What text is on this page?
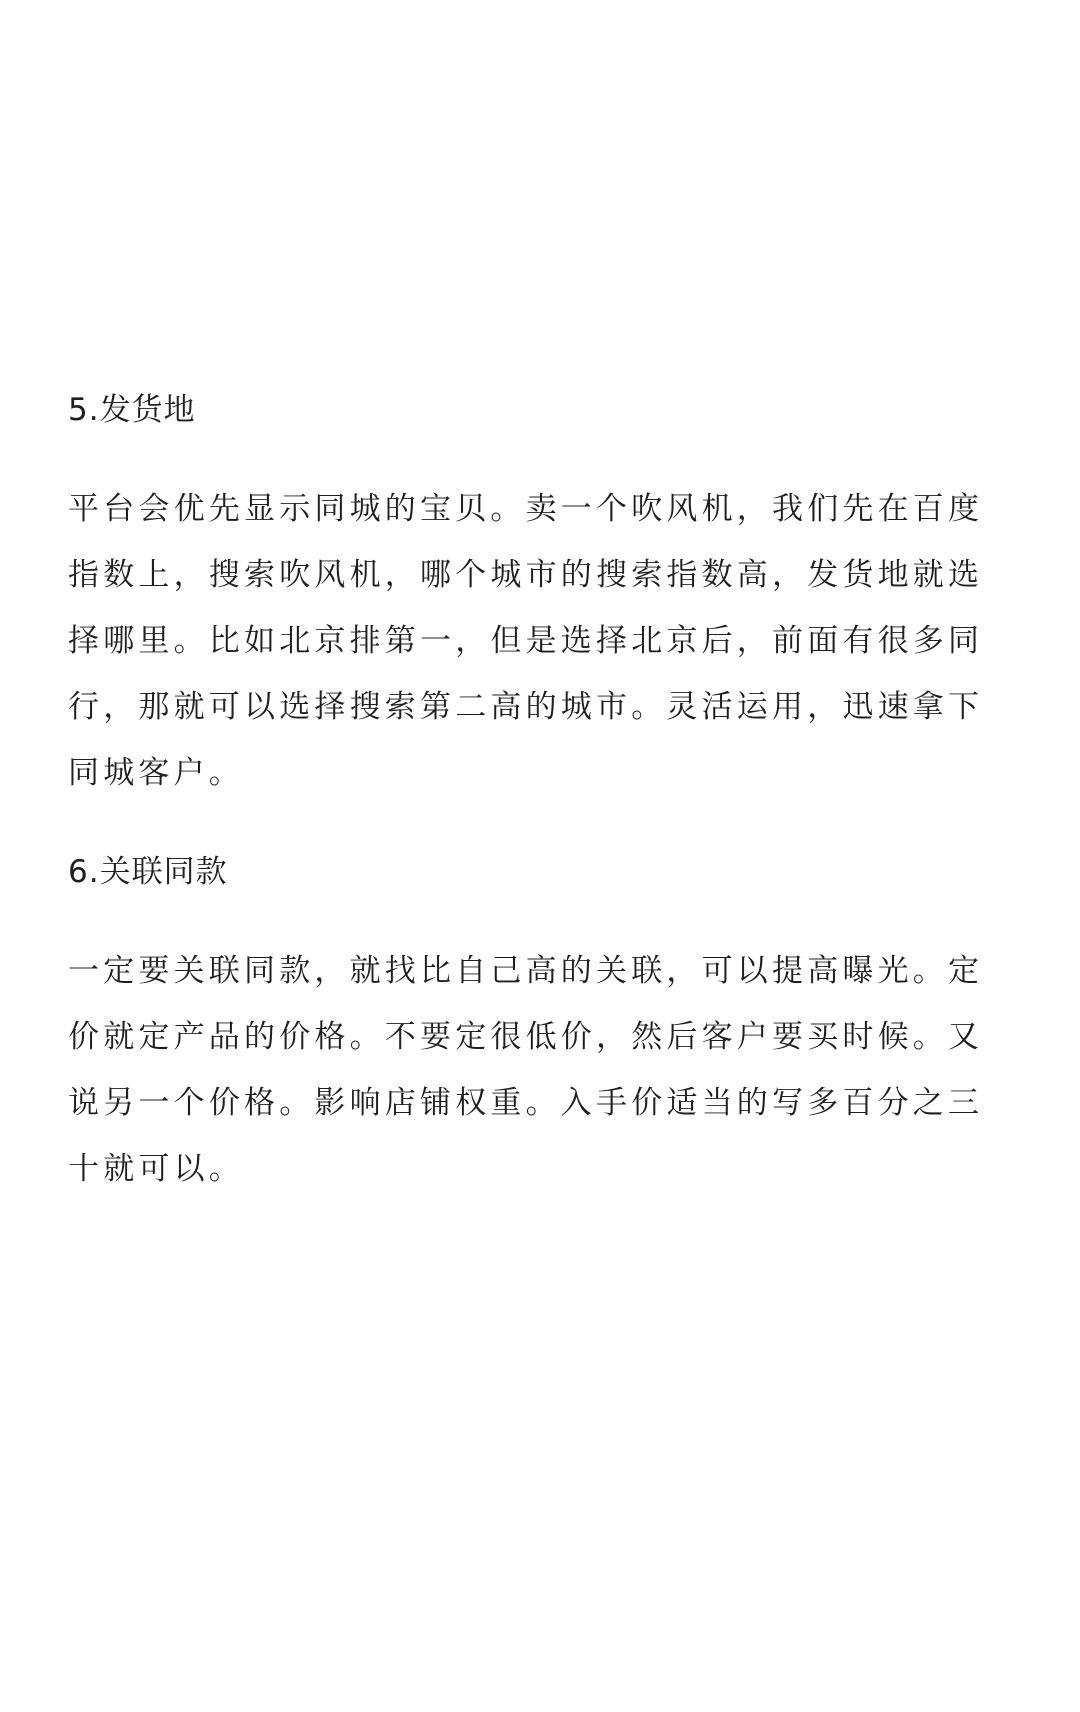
5.发货地

平台会优先显示同城的宝贝。卖一个吹风机，我们先在百度
指数上，搜索吹风机，哪个城市的搜索指数高，发货地就选
择哪里。比如北京排第一，但是选择北京后，前面有很多同
行，那就可以选择搜索第二高的城市。灵活运用，迅速拿下
同城客户。

6.关联同款

一定要关联同款，就找比自己高的关联，可以提高曝光。定
价就定产品的价格。不要定很低价，然后客户要买时候。又
说另一个价格。影响店铺权重。入手价适当的写多百分之三
十就可以。
